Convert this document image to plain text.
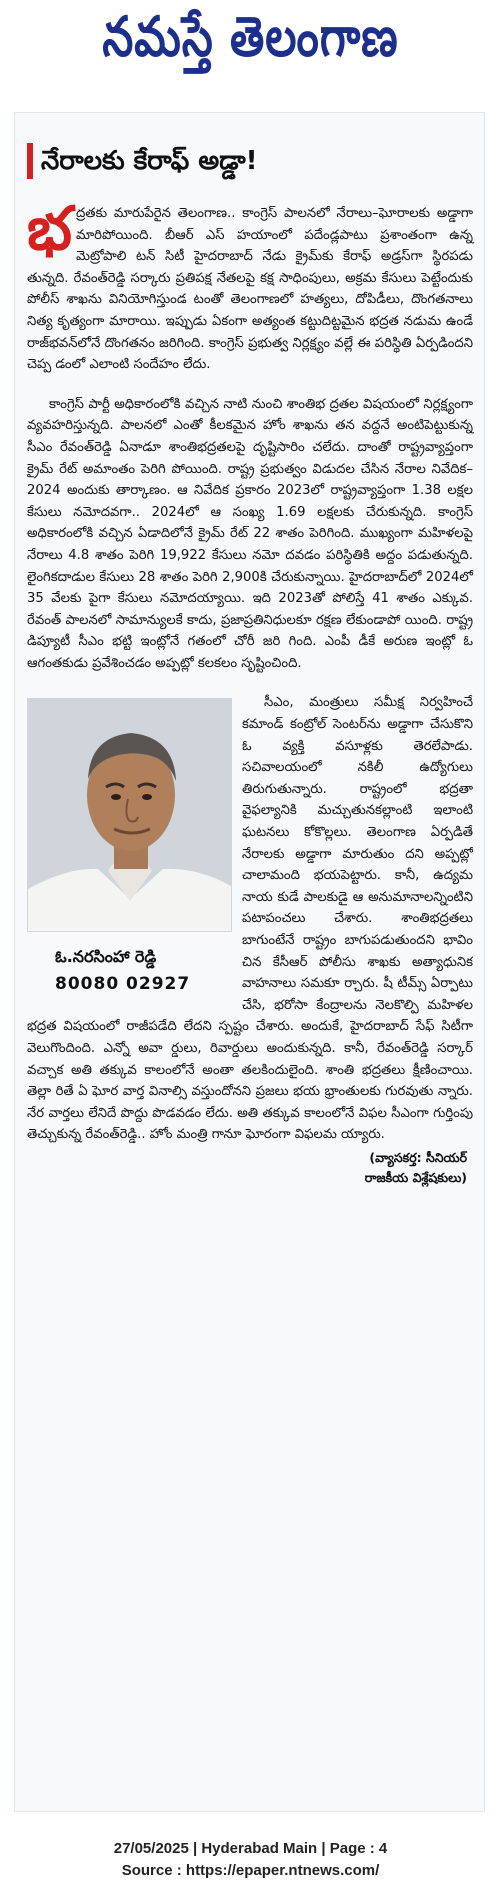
నమస్తే తెలంగాణ
నేరాలకు కేరాఫ్ అడ్డా!

భ ద్రతకు మారుపేరైన తెలంగాణ.. కాంగ్రెస్ పాలనలో నేరాలు–ఘోరాలకు అడ్డాగా మారిపోయింది. బీఆర్ ఎస్ హయాంలో పదేండ్లపాటు ప్రశాంతంగా ఉన్న మెట్రోపాలి టన్ సిటీ హైదరాబాద్ నేడు క్రైమ్‌కు కేరాఫ్ అడ్రస్‌గా స్థిరపడు తున్నది. రేవంత్‌రెడ్డి సర్కారు ప్రతిపక్ష నేతలపై కక్ష సాధింపులు, అక్రమ కేసులు పెట్టేందుకు పోలీస్ శాఖను వినియోగిస్తుండ టంతో తెలంగాణలో హత్యలు, దోపిడీలు, దొంగతనాలు నిత్య కృత్యంగా మారాయి. ఇప్పుడు ఏకంగా అత్యంత కట్టుదిట్టమైన భద్రత నడుమ ఉండే రాజ్‌భవన్‌లోనే దొంగతనం జరిగింది. కాంగ్రెస్ ప్రభుత్వ నిర్లక్ష్యం వల్లే ఈ పరిస్థితి ఏర్పడిందని చెప్ప డంలో ఎలాంటి సందేహం లేదు.

కాంగ్రెస్ పార్టీ అధికారంలోకి వచ్చిన నాటి నుంచి శాంతిభ ద్రతల విషయంలో నిర్లక్ష్యంగా వ్యవహరిస్తున్నది. పాలనలో ఎంతో కీలకమైన హోం శాఖను తన వద్దనే అంటిపెట్టుకున్న సీఎం రేవంత్‌రెడ్డి ఏనాడూ శాంతిభద్రతలపై దృష్టిసారిం చలేదు. దాంతో రాష్ట్రవ్యాప్తంగా క్రైమ్ రేట్ అమాంతం పెరిగి పోయింది. రాష్ట్ర ప్రభుత్వం విడుదల చేసిన నేరాల నివేదిక– 2024 అందుకు తార్కాణం. ఆ నివేదిక ప్రకారం 2023లో రాష్ట్రవ్యాప్తంగా 1.38 లక్షల కేసులు నమోదవగా.. 2024లో ఆ సంఖ్య 1.69 లక్షలకు చేరుకున్నది. కాంగ్రెస్ అధికారంలోకి వచ్చిన ఏడాదిలోనే క్రైమ్ రేట్ 22 శాతం పెరిగింది. ముఖ్యంగా మహిళలపై నేరాలు 4.8 శాతం పెరిగి 19,922 కేసులు నమో దవడం పరిస్థితికి అద్దం పడుతున్నది. లైంగికదాడుల కేసులు 28 శాతం పెరిగి 2,900కి చేరుకున్నాయి. హైదరాబాద్‌లో 2024లో 35 వేలకు పైగా కేసులు నమోదయ్యాయి. ఇది 2023తో పోలిస్తే 41 శాతం ఎక్కువ. రేవంత్ పాలనలో సామాన్యులకే కాదు, ప్రజాప్రతినిధులకూ రక్షణ లేకుండాపో యింది. రాష్ట్ర డిప్యూటీ సీఎం భట్టి ఇంట్లోనే గతంలో చోరీ జరి గింది. ఎంపీ డీకే అరుణ ఇంట్లో ఓ ఆగంతకుడు ప్రవేశించడం అప్పట్లో కలకలం సృష్టించింది.

ఓ.నరసింహా రెడ్డి
80080 02927

సీఎం, మంత్రులు సమీక్ష నిర్వహించే కమాండ్ కంట్రోల్ సెంటర్‌ను అడ్డాగా చేసుకొని ఓ వ్యక్తి వసూళ్లకు తెరలేపాడు. సచివాలయంలో నకిలీ ఉద్యోగులు తిరుగుతున్నారు. రాష్ట్రంలో భద్రతా వైఫల్యానికి మచ్చుతునకల్లాంటి ఇలాంటి ఘటనలు కోకొల్లలు. తెలంగాణ ఏర్పడితే నేరాలకు అడ్డాగా మారుతుం దని అప్పట్లో చాలామంది భయపెట్టారు. కానీ, ఉద్యమ నాయ కుడే పాలకుడై ఆ అనుమానాలన్నింటిని పటాపంచలు చేశారు. శాంతిభద్రతలు బాగుంటేనే రాష్ట్రం బాగుపడుతుందని భావిం చిన కేసీఆర్ పోలీసు శాఖకు అత్యాధునిక వాహనాలు సమకూ ర్చారు. షీ టీమ్స్ ఏర్పాటు చేసి, భరోసా కేంద్రాలను నెలకొల్పి మహిళల భద్రత విషయంలో రాజీపడేది లేదని స్పష్టం చేశారు. అందుకే, హైదరాబాద్ సేఫ్ సిటీగా వెలుగొందింది. ఎన్నో అవా ర్డులు, రివార్డులు అందుకున్నది. కానీ, రేవంత్‌రెడ్డి సర్కార్ వచ్చాక అతి తక్కువ కాలంలోనే అంతా తలకిందులైంది. శాంతి భద్రతలు క్షీణించాయి. తెల్లా రితే ఏ ఘోర వార్త వినాల్సి వస్తుందోనని ప్రజలు భయ భ్రాంతులకు గురవుతు న్నారు. నేర వార్తలు లేనిదే పొద్దు పొడవడం లేదు. అతి తక్కువ కాలంలోనే విఫల సీఎంగా గుర్తింపు తెచ్చుకున్న రేవంత్‌రెడ్డి.. హోం మంత్రి గానూ ఘోరంగా విఫలమ య్యారు.

(వ్యాసకర్త: సీనియర్
రాజకీయ విశ్లేషకులు)
27/05/2025 | Hyderabad Main | Page : 4
Source : https://epaper.ntnews.com/
